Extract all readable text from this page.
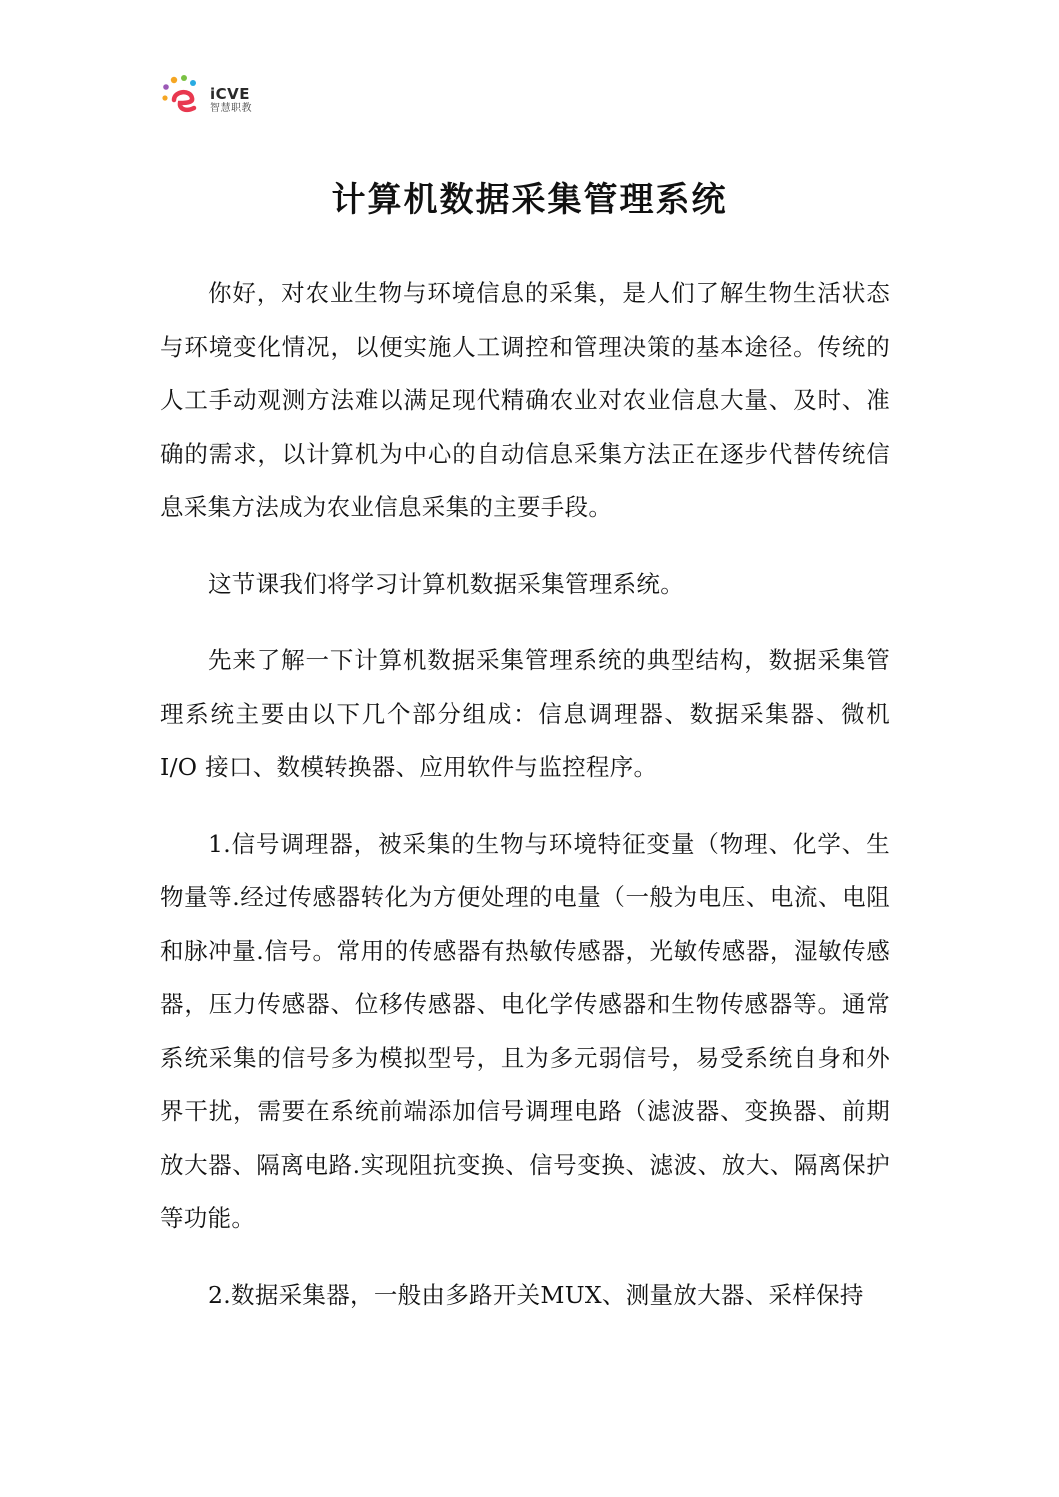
iCVE
智慧职教
计算机数据采集管理系统

你好，对农业生物与环境信息的采集，是人们了解生物生活状态与环境变化情况，以便实施人工调控和管理决策的基本途径。传统的人工手动观测方法难以满足现代精确农业对农业信息大量、及时、准确的需求，以计算机为中心的自动信息采集方法正在逐步代替传统信息采集方法成为农业信息采集的主要手段。

这节课我们将学习计算机数据采集管理系统。

先来了解一下计算机数据采集管理系统的典型结构，数据采集管理系统主要由以下几个部分组成：信息调理器、数据采集器、微机 I/O 接口、数模转换器、应用软件与监控程序。

1.信号调理器，被采集的生物与环境特征变量（物理、化学、生物量等.经过传感器转化为方便处理的电量（一般为电压、电流、电阻和脉冲量.信号。常用的传感器有热敏传感器，光敏传感器，湿敏传感器，压力传感器、位移传感器、电化学传感器和生物传感器等。通常系统采集的信号多为模拟型号，且为多元弱信号，易受系统自身和外界干扰，需要在系统前端添加信号调理电路（滤波器、变换器、前期放大器、隔离电路.实现阻抗变换、信号变换、滤波、放大、隔离保护等功能。

2.数据采集器，一般由多路开关MUX、测量放大器、采样保持
